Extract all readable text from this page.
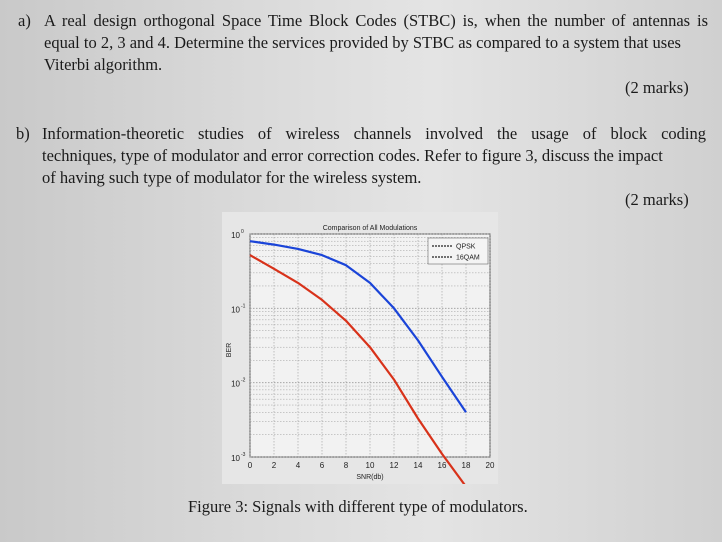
a) A real design orthogonal Space Time Block Codes (STBC) is, when the number of antennas is
equal to 2, 3 and 4. Determine the services provided by STBC as compared to a system that uses
Viterbi algorithm.
(2 marks)
b) Information-theoretic studies of wireless channels involved the usage of block coding
techniques, type of modulator and error correction codes. Refer to figure 3, discuss the impact
of having such type of modulator for the wireless system.
(2 marks)
Comparison of All Modulations
SNR(db)
BER
0 2 4 6 8 10 12 14 16 18 20
10 0
10 -1
10 -2
10 -3
QPSK
16QAM
Figure 3: Signals with different type of modulators.
